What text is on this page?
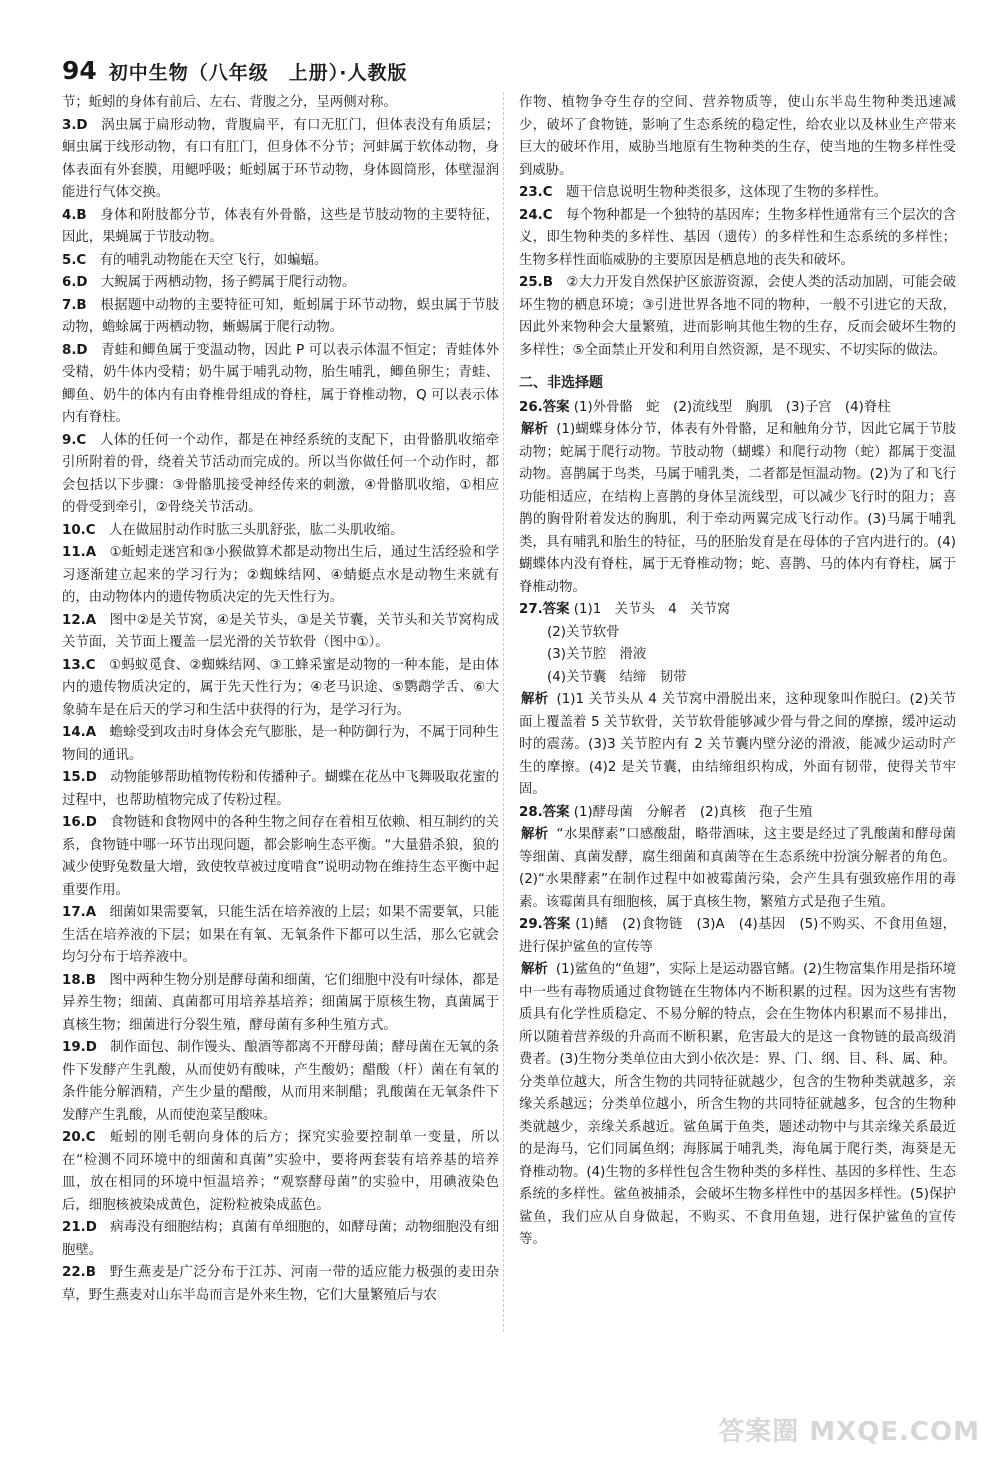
94 初中生物（八年级　上册）·人教版
节；蚯蚓的身体有前后、左右、背腹之分，呈两侧对称。
3.D  涡虫属于扁形动物，背腹扁平，有口无肛门，但体表没有角质层；蛔虫属于线形动物，有口有肛门，但身体不分节；河蚌属于软体动物，身体表面有外套膜，用鳃呼吸；蚯蚓属于环节动物，身体圆筒形，体壁湿润能进行气体交换。
4.B  身体和附肢都分节，体表有外骨骼，这些是节肢动物的主要特征，因此，果蝇属于节肢动物。
5.C  有的哺乳动物能在天空飞行，如蝙蝠。
6.D  大鲵属于两栖动物，扬子鳄属于爬行动物。
7.B  根据题中动物的主要特征可知，蚯蚓属于环节动物，蜈虫属于节肢动物，蟾蜍属于两栖动物，蜥蜴属于爬行动物。
8.D  青蛙和鲫鱼属于变温动物，因此 P 可以表示体温不恒定；青蛙体外受精，奶牛体内受精；奶牛属于哺乳动物，胎生哺乳，鲫鱼卵生；青蛙、鲫鱼、奶牛的体内有由脊椎骨组成的脊柱，属于脊椎动物，Q 可以表示体内有脊柱。
9.C  人体的任何一个动作，都是在神经系统的支配下，由骨骼肌收缩牵引所附着的骨，绕着关节活动而完成的。所以当你做任何一个动作时，都会包括以下步骤：③骨骼肌接受神经传来的刺激，④骨骼肌收缩，①相应的骨受到牵引，②骨绕关节活动。
10.C  人在做屈肘动作时肱三头肌舒张，肱二头肌收缩。
11.A  ①蚯蚓走迷宫和③小猴做算术都是动物出生后，通过生活经验和学习逐渐建立起来的学习行为；②蜘蛛结网、④蜻蜓点水是动物生来就有的，由动物体内的遗传物质决定的先天性行为。
12.A  图中②是关节窝，④是关节头，③是关节囊，关节头和关节窝构成关节面，关节面上覆盖一层光滑的关节软骨（图中①）。
13.C  ①蚂蚁觅食、②蜘蛛结网、③工蜂采蜜是动物的一种本能，是由体内的遗传物质决定的，属于先天性行为；④老马识途、⑤鹦鹉学舌、⑥大象骑车是在后天的学习和生活中获得的行为，是学习行为。
14.A  蟾蜍受到攻击时身体会充气膨胀，是一种防御行为，不属于同种生物间的通讯。
15.D  动物能够帮助植物传粉和传播种子。蝴蝶在花丛中飞舞吸取花蜜的过程中，也帮助植物完成了传粉过程。
16.D  食物链和食物网中的各种生物之间存在着相互依赖、相互制约的关系，食物链中哪一环节出现问题，都会影响生态平衡。“大量猎杀狼，狼的减少使野兔数量大增，致使牧草被过度啃食”说明动物在维持生态平衡中起重要作用。
17.A  细菌如果需要氧，只能生活在培养液的上层；如果不需要氧，只能生活在培养液的下层；如果在有氧、无氧条件下都可以生活，那么它就会均匀分布于培养液中。
18.B  图中两种生物分别是酵母菌和细菌，它们细胞中没有叶绿体，都是异养生物；细菌、真菌都可用培养基培养；细菌属于原核生物，真菌属于真核生物；细菌进行分裂生殖，酵母菌有多种生殖方式。
19.D  制作面包、制作馒头、酿酒等都离不开酵母菌；酵母菌在无氧的条件下发酵产生乳酸，从而使奶有酸味，产生酸奶；醋酸（杆）菌在有氧的条件能分解酒精，产生少量的醋酸，从而用来制醋；乳酸菌在无氧条件下发酵产生乳酸，从而使泡菜呈酸味。
20.C  蚯蚓的刚毛朝向身体的后方；探究实验要控制单一变量，所以在“检测不同环境中的细菌和真菌”实验中，要将两套装有培养基的培养皿，放在相同的环境中恒温培养；“观察酵母菌”的实验中，用碘液染色后，细胞核被染成黄色，淀粉粒被染成蓝色。
21.D  病毒没有细胞结构；真菌有单细胞的，如酵母菌；动物细胞没有细胞壁。
22.B  野生燕麦是广泛分布于江苏、河南一带的适应能力极强的麦田杂草，野生燕麦对山东半岛而言是外来生物，它们大量繁殖后与农
作物、植物争夺生存的空间、营养物质等，使山东半岛生物种类迅速减少，破坏了食物链，影响了生态系统的稳定性，给农业以及林业生产带来巨大的破坏作用，威胁当地原有生物种类的生存，使当地的生物多样性受到威胁。
23.C  题干信息说明生物种类很多，这体现了生物的多样性。
24.C  每个物种都是一个独特的基因库；生物多样性通常有三个层次的含义，即生物种类的多样性、基因（遗传）的多样性和生态系统的多样性；生物多样性面临威胁的主要原因是栖息地的丧失和破坏。
25.B  ②大力开发自然保护区旅游资源，会使人类的活动加剧，可能会破坏生物的栖息环境；③引进世界各地不同的物种，一般不引进它的天敌，因此外来物种会大量繁殖，进而影响其他生物的生存，反而会破坏生物的多样性；⑤全面禁止开发和利用自然资源，是不现实、不切实际的做法。
二、非选择题
26.答案 (1)外骨骼　蛇　(2)流线型　胸肌　(3)子宫　(4)脊柱
解析 (1)蝴蝶身体分节，体表有外骨骼，足和触角分节，因此它属于节肢动物；蛇属于爬行动物。节肢动物（蝴蝶）和爬行动物（蛇）都属于变温动物。喜鹊属于鸟类，马属于哺乳类，二者都是恒温动物。(2)为了和飞行功能相适应，在结构上喜鹊的身体呈流线型，可以减少飞行时的阻力；喜鹊的胸骨附着发达的胸肌，利于牵动两翼完成飞行动作。(3)马属于哺乳类，具有哺乳和胎生的特征，马的胚胎发育是在母体的子宫内进行的。(4)蝴蝶体内没有脊柱，属于无脊椎动物；蛇、喜鹊、马的体内有脊柱，属于脊椎动物。
27.答案 (1)1　关节头　4　关节窝
(2)关节软骨
(3)关节腔　滑液
(4)关节囊　结缔　韧带
解析 (1)1 关节头从 4 关节窝中滑脱出来，这种现象叫作脱臼。(2)关节面上覆盖着 5 关节软骨，关节软骨能够减少骨与骨之间的摩擦，缓冲运动时的震荡。(3)3 关节腔内有 2 关节囊内壁分泌的滑液，能减少运动时产生的摩擦。(4)2 是关节囊，由结缔组织构成，外面有韧带，使得关节牢固。
28.答案 (1)酵母菌　分解者　(2)真核　孢子生殖
解析 “水果酵素”口感酸甜，略带酒味，这主要是经过了乳酸菌和酵母菌等细菌、真菌发酵，腐生细菌和真菌等在生态系统中扮演分解者的角色。(2)“水果酵素”在制作过程中如被霉菌污染，会产生具有强致癌作用的毒素。该霉菌具有细胞核，属于真核生物，繁殖方式是孢子生殖。
29.答案 (1)鳍　(2)食物链　(3)A　(4)基因　(5)不购买、不食用鱼翅，进行保护鲨鱼的宣传等
解析 (1)鲨鱼的“鱼翅”，实际上是运动器官鳍。(2)生物富集作用是指环境中一些有毒物质通过食物链在生物体内不断积累的过程。因为这些有害物质具有化学性质稳定、不易分解的特点，会在生物体内积累而不易排出，所以随着营养级的升高而不断积累，危害最大的是这一食物链的最高级消费者。(3)生物分类单位由大到小依次是：界、门、纲、目、科、属、种。分类单位越大，所含生物的共同特征就越少，包含的生物种类就越多，亲缘关系越远；分类单位越小，所含生物的共同特征就越多，包含的生物种类就越少，亲缘关系越近。鲨鱼属于鱼类，题述动物中与其亲缘关系最近的是海马，它们同属鱼纲；海豚属于哺乳类，海龟属于爬行类，海葵是无脊椎动物。(4)生物的多样性包含生物种类的多样性、基因的多样性、生态系统的多样性。鲨鱼被捕杀，会破坏生物多样性中的基因多样性。(5)保护鲨鱼，我们应从自身做起，不购买、不食用鱼翅，进行保护鲨鱼的宣传等。
答案圈 MXQE.COM
